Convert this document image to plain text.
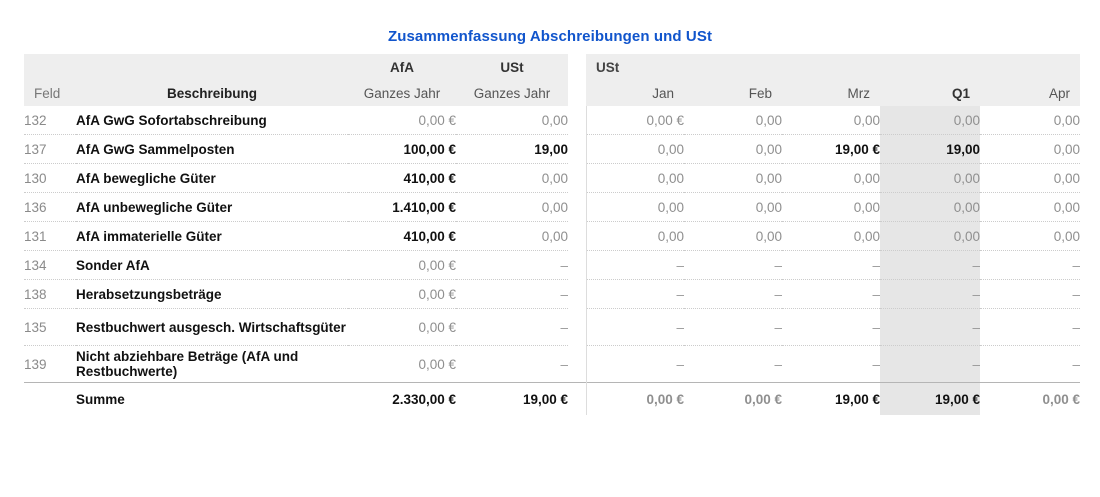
Zusammenfassung Abschreibungen und USt
		AfA	USt		USt				
Feld	Beschreibung	Ganzes Jahr	Ganzes Jahr		Jan	Feb	Mrz	Q1	Apr
132	AfA GwG Sofortabschreibung	0,00 €	0,00		0,00 €	0,00	0,00	0,00	0,00
137	AfA GwG Sammelposten	100,00 €	19,00		0,00	0,00	19,00 €	19,00	0,00
130	AfA bewegliche Güter	410,00 €	0,00		0,00	0,00	0,00	0,00	0,00
136	AfA unbewegliche Güter	1.410,00 €	0,00		0,00	0,00	0,00	0,00	0,00
131	AfA immaterielle Güter	410,00 €	0,00		0,00	0,00	0,00	0,00	0,00
134	Sonder AfA	0,00 €	–		–	–	–	–	–
138	Herabsetzungsbeträge	0,00 €	–		–	–	–	–	–
135	Restbuchwert ausgesch. Wirtschaftsgüter	0,00 €	–		–	–	–	–	–
139	Nicht abziehbare Beträge (AfA und Restbuchwerte)	0,00 €	–		–	–	–	–	–
	Summe	2.330,00 €	19,00 €		0,00 €	0,00 €	19,00 €	19,00 €	0,00 €
